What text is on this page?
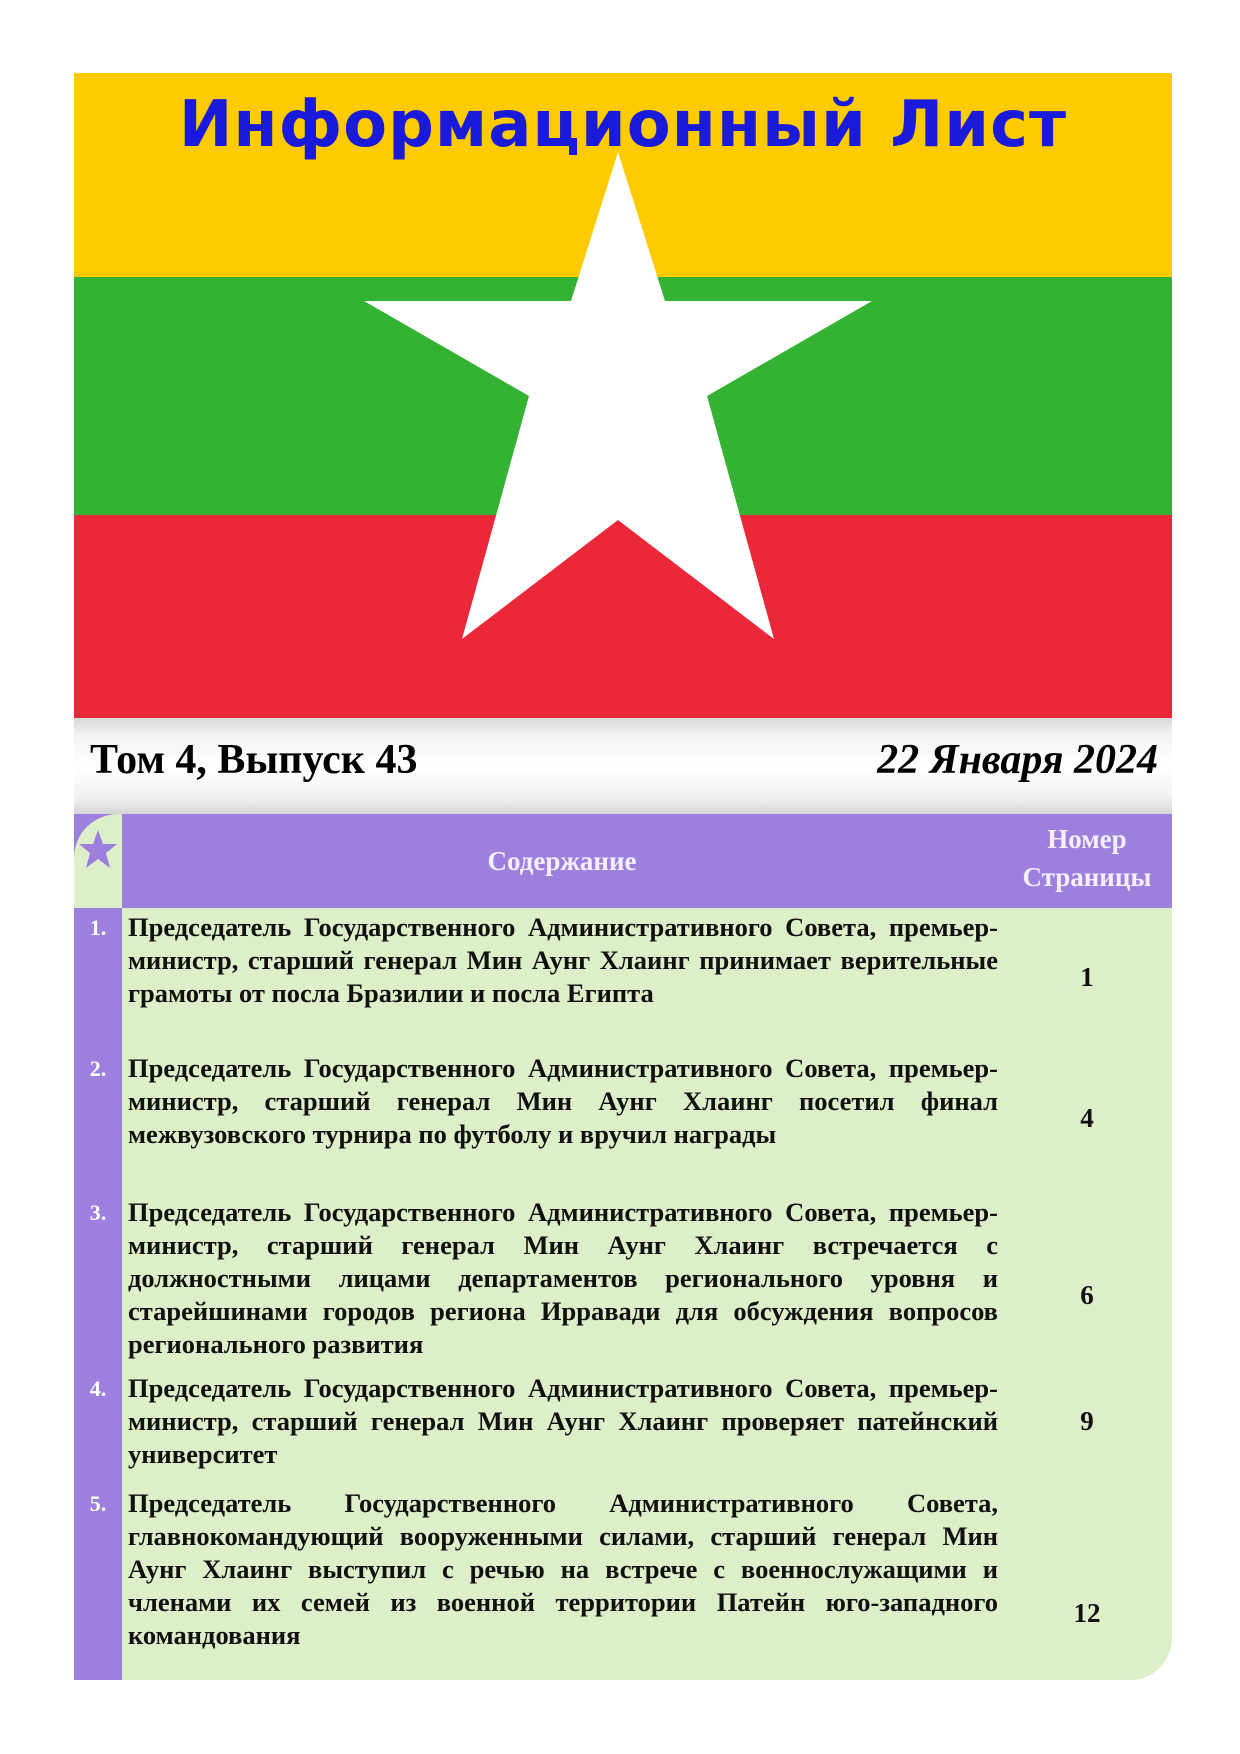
Информационный Лист
Том 4, Выпуск 43	22 Января 2024
Содержание
Номер
Страницы
1. Председатель Государственного Административного Совета, премьер-министр, старший генерал Мин Аунг Хлаинг принимает верительные грамоты от посла Бразилии и посла Египта
1
2. Председатель Государственного Административного Совета, премьер-министр, старший генерал Мин Аунг Хлаинг посетил финал межвузовского турнира по футболу и вручил награды
4
3. Председатель Государственного Административного Совета, премьер-министр, старший генерал Мин Аунг Хлаинг встречается с должностными лицами департаментов регионального уровня и старейшинами городов региона Ирравади для обсуждения вопросов регионального развития
6
4. Председатель Государственного Административного Совета, премьер-министр, старший генерал Мин Аунг Хлаинг проверяет патейнский университет
9
5. Председатель Государственного Административного Совета, главнокомандующий вооруженными силами, старший генерал Мин Аунг Хлаинг выступил с речью на встрече с военнослужащими и членами их семей из военной территории Патейн юго-западного командования
12
